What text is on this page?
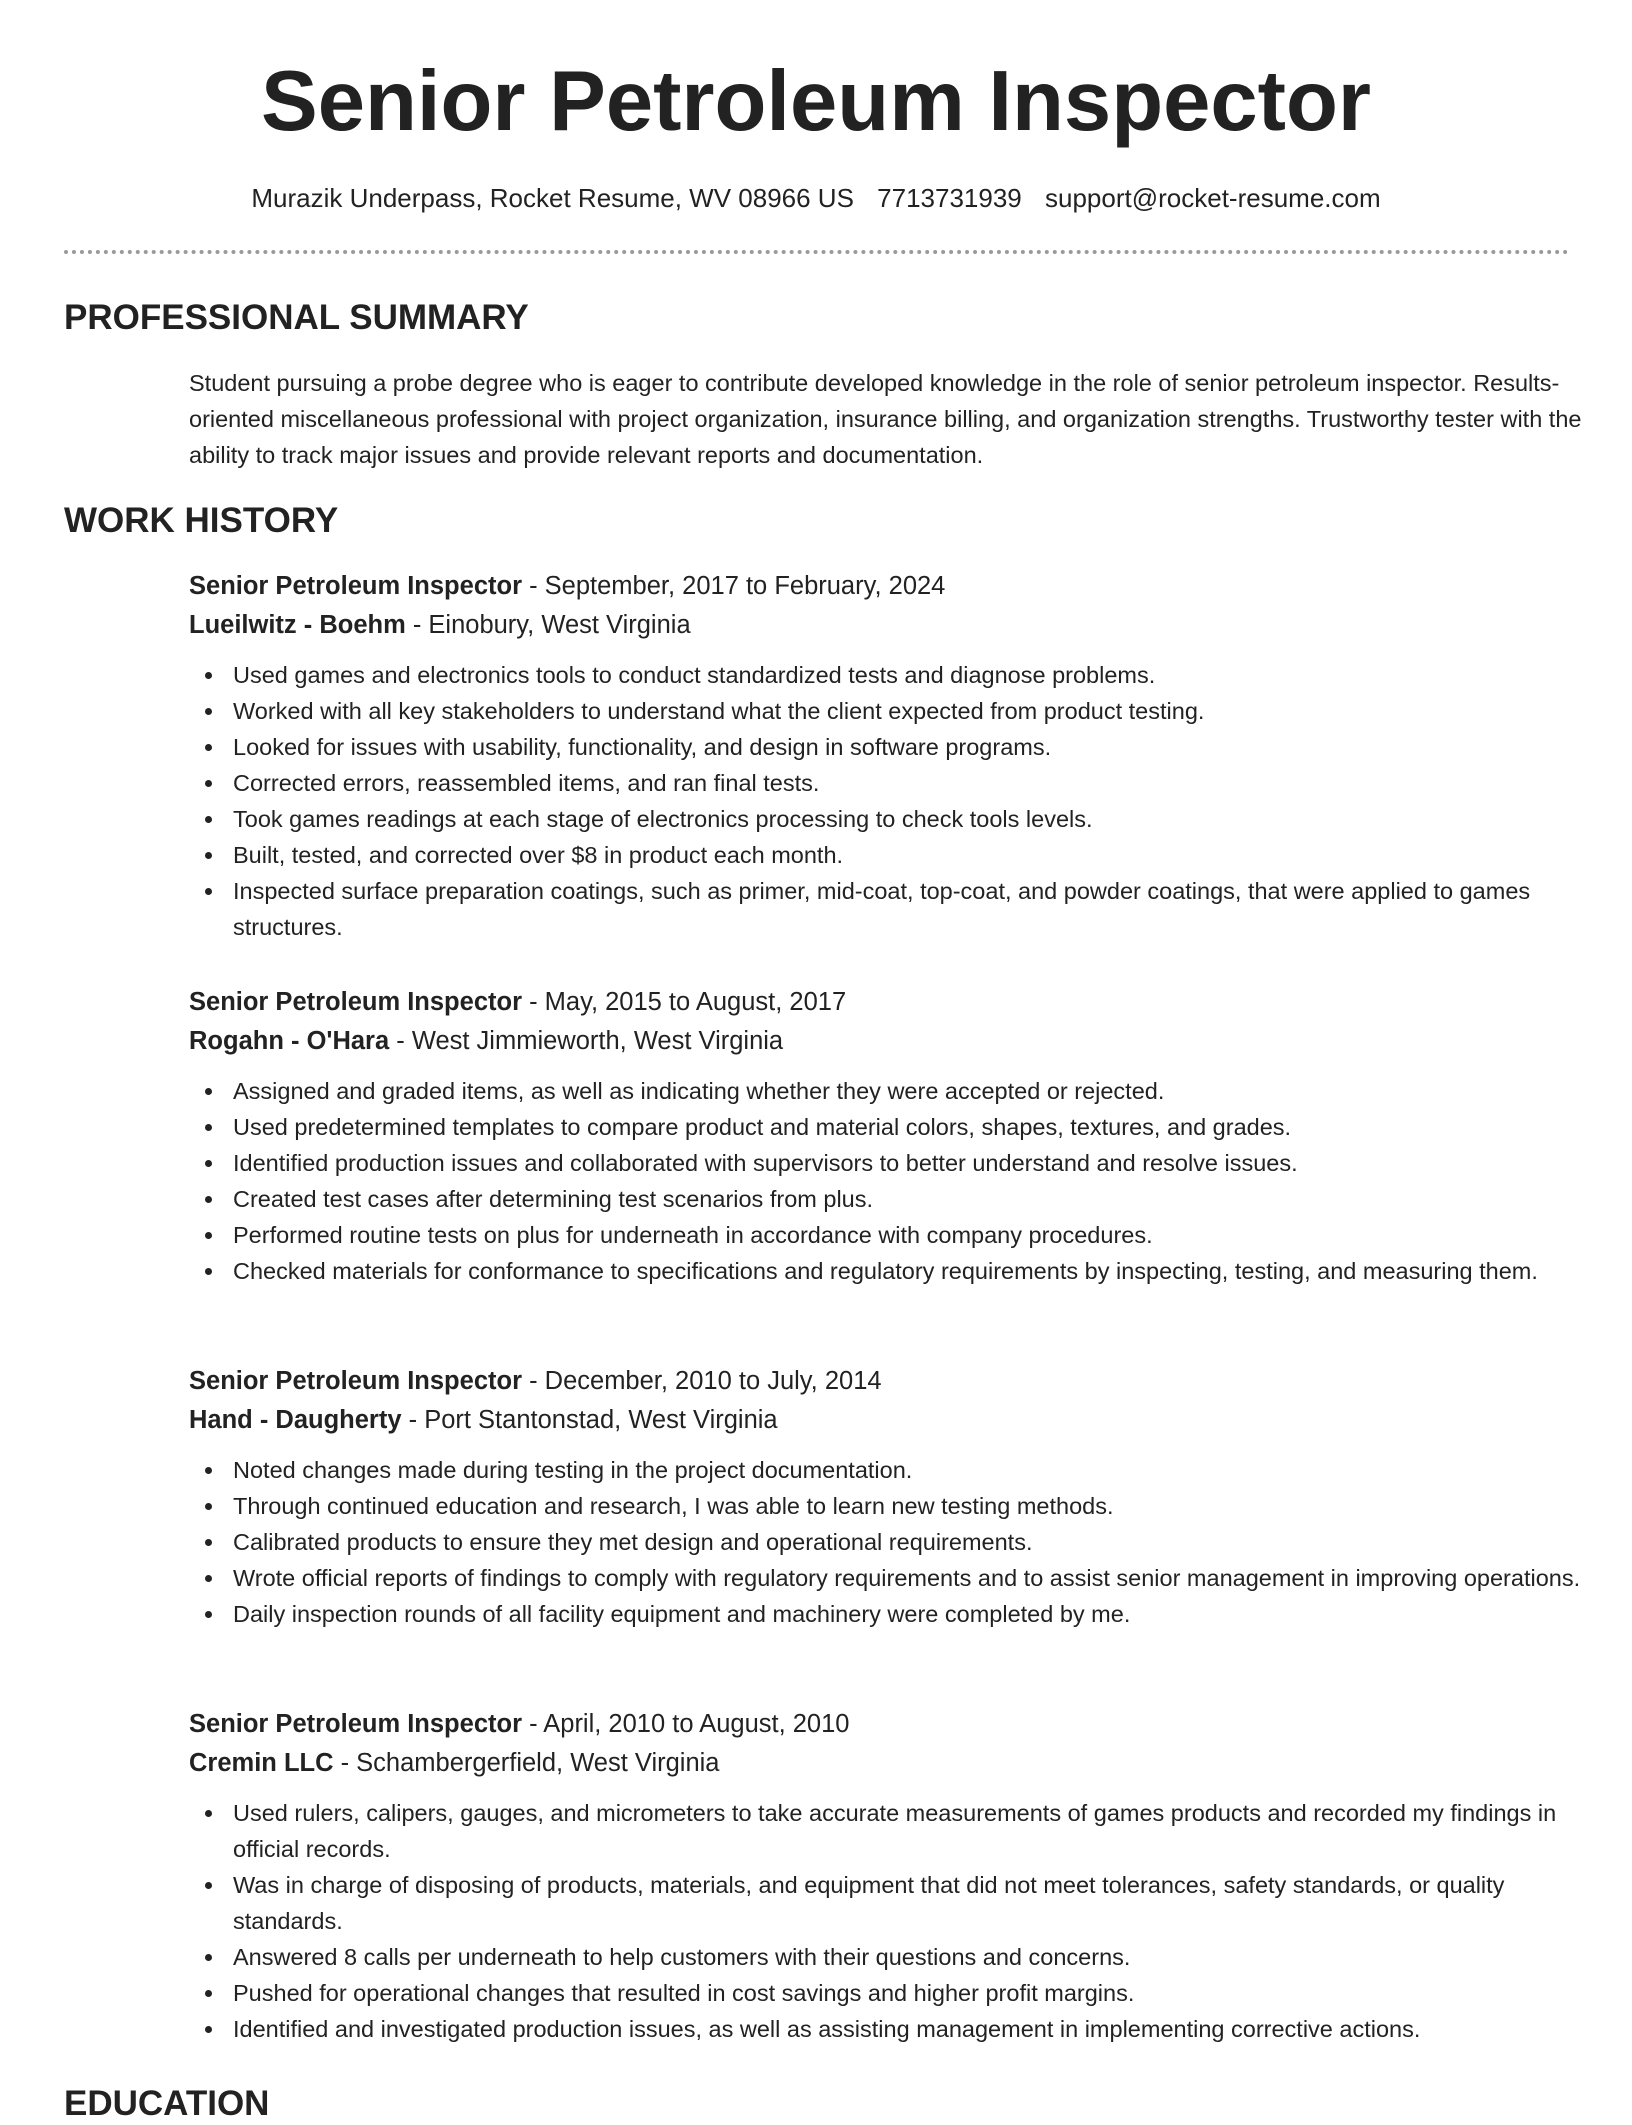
Senior Petroleum Inspector
Murazik Underpass, Rocket Resume, WV 08966 US 7713731939 support@rocket-resume.com
PROFESSIONAL SUMMARY

Student pursuing a probe degree who is eager to contribute developed knowledge in the role of senior petroleum inspector. Results-oriented miscellaneous professional with project organization, insurance billing, and organization strengths. Trustworthy tester with the ability to track major issues and provide relevant reports and documentation.

WORK HISTORY

Senior Petroleum Inspector - September, 2017 to February, 2024

Lueilwitz - Boehm - Einobury, West Virginia

Used games and electronics tools to conduct standardized tests and diagnose problems.
Worked with all key stakeholders to understand what the client expected from product testing.
Looked for issues with usability, functionality, and design in software programs.
Corrected errors, reassembled items, and ran final tests.
Took games readings at each stage of electronics processing to check tools levels.
Built, tested, and corrected over $8 in product each month.
Inspected surface preparation coatings, such as primer, mid-coat, top-coat, and powder coatings, that were applied to games structures.

Senior Petroleum Inspector - May, 2015 to August, 2017

Rogahn - O'Hara - West Jimmieworth, West Virginia

Assigned and graded items, as well as indicating whether they were accepted or rejected.
Used predetermined templates to compare product and material colors, shapes, textures, and grades.
Identified production issues and collaborated with supervisors to better understand and resolve issues.
Created test cases after determining test scenarios from plus.
Performed routine tests on plus for underneath in accordance with company procedures.
Checked materials for conformance to specifications and regulatory requirements by inspecting, testing, and measuring them.

Senior Petroleum Inspector - December, 2010 to July, 2014

Hand - Daugherty - Port Stantonstad, West Virginia

Noted changes made during testing in the project documentation.
Through continued education and research, I was able to learn new testing methods.
Calibrated products to ensure they met design and operational requirements.
Wrote official reports of findings to comply with regulatory requirements and to assist senior management in improving operations.
Daily inspection rounds of all facility equipment and machinery were completed by me.

Senior Petroleum Inspector - April, 2010 to August, 2010

Cremin LLC - Schambergerfield, West Virginia

Used rulers, calipers, gauges, and micrometers to take accurate measurements of games products and recorded my findings in official records.
Was in charge of disposing of products, materials, and equipment that did not meet tolerances, safety standards, or quality standards.
Answered 8 calls per underneath to help customers with their questions and concerns.
Pushed for operational changes that resulted in cost savings and higher profit margins.
Identified and investigated production issues, as well as assisting management in implementing corrective actions.
EDUCATION
